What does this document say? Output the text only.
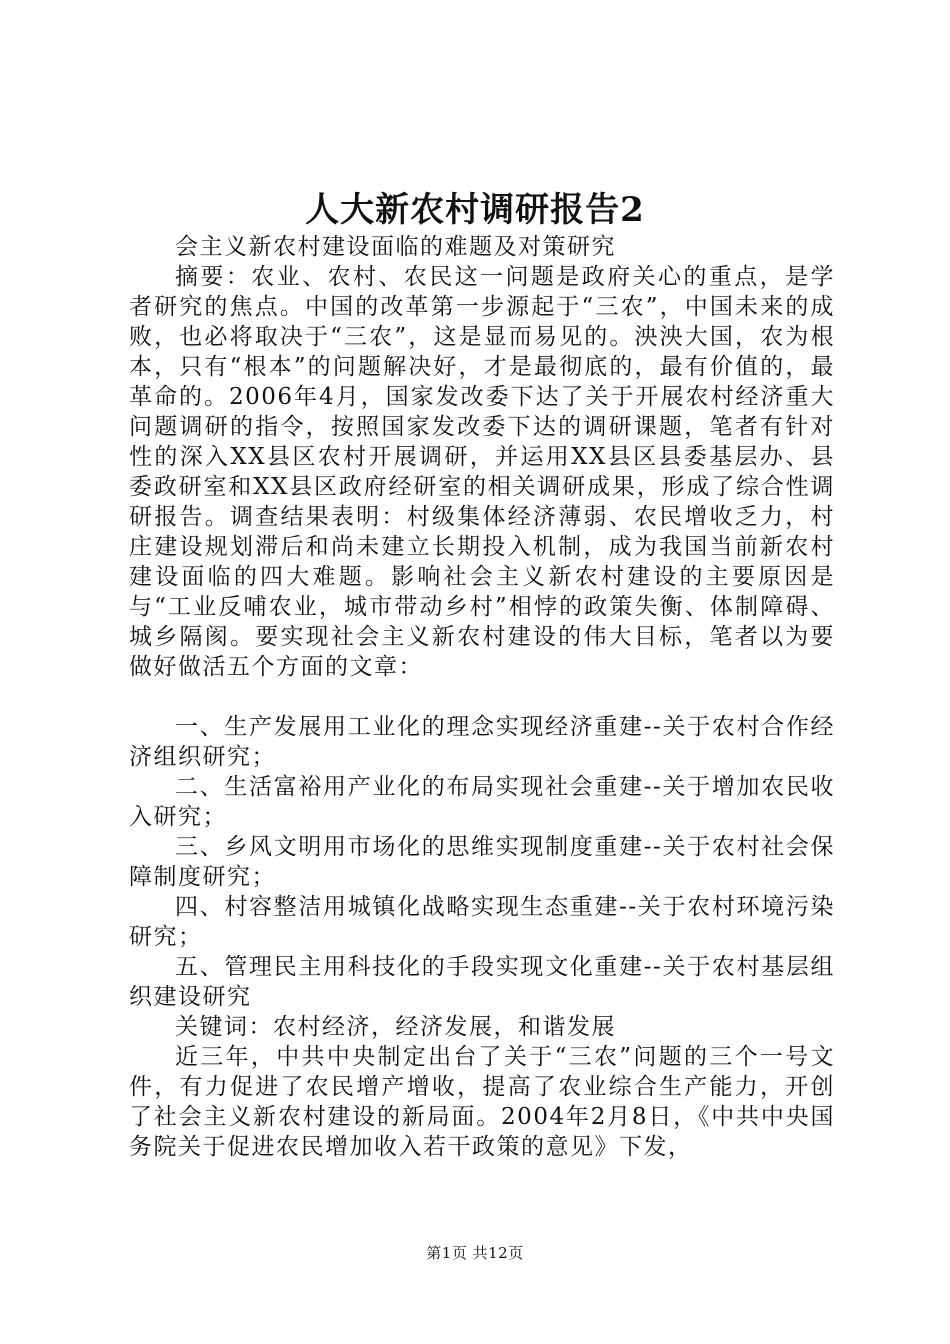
人大新农村调研报告2

会主义新农村建设面临的难题及对策研究

摘要：农业、农村、农民这一问题是政府关心的重点，是学者研究的焦点。中国的改革第一步源起于“三农”，中国未来的成败，也必将取决于“三农”，这是显而易见的。泱泱大国，农为根本，只有“根本”的问题解决好，才是最彻底的，最有价值的，最革命的。2006年4月，国家发改委下达了关于开展农村经济重大问题调研的指令，按照国家发改委下达的调研课题，笔者有针对性的深入XX县区农村开展调研，并运用XX县区县委基层办、县委政研室和XX县区政府经研室的相关调研成果，形成了综合性调研报告。调查结果表明：村级集体经济薄弱、农民增收乏力，村庄建设规划滞后和尚未建立长期投入机制，成为我国当前新农村建设面临的四大难题。影响社会主义新农村建设的主要原因是与“工业反哺农业，城市带动乡村”相悖的政策失衡、体制障碍、城乡隔阂。要实现社会主义新农村建设的伟大目标，笔者以为要做好做活五个方面的文章：

一、生产发展用工业化的理念实现经济重建--关于农村合作经济组织研究；

二、生活富裕用产业化的布局实现社会重建--关于增加农民收入研究；

三、乡风文明用市场化的思维实现制度重建--关于农村社会保障制度研究；

四、村容整洁用城镇化战略实现生态重建--关于农村环境污染研究；

五、管理民主用科技化的手段实现文化重建--关于农村基层组织建设研究

关键词：农村经济，经济发展，和谐发展

近三年，中共中央制定出台了关于“三农”问题的三个一号文件，有力促进了农民增产增收，提高了农业综合生产能力，开创了社会主义新农村建设的新局面。2004年2月8日，《中共中央国务院关于促进农民增加收入若干政策的意见》下发，

第1页 共12页
